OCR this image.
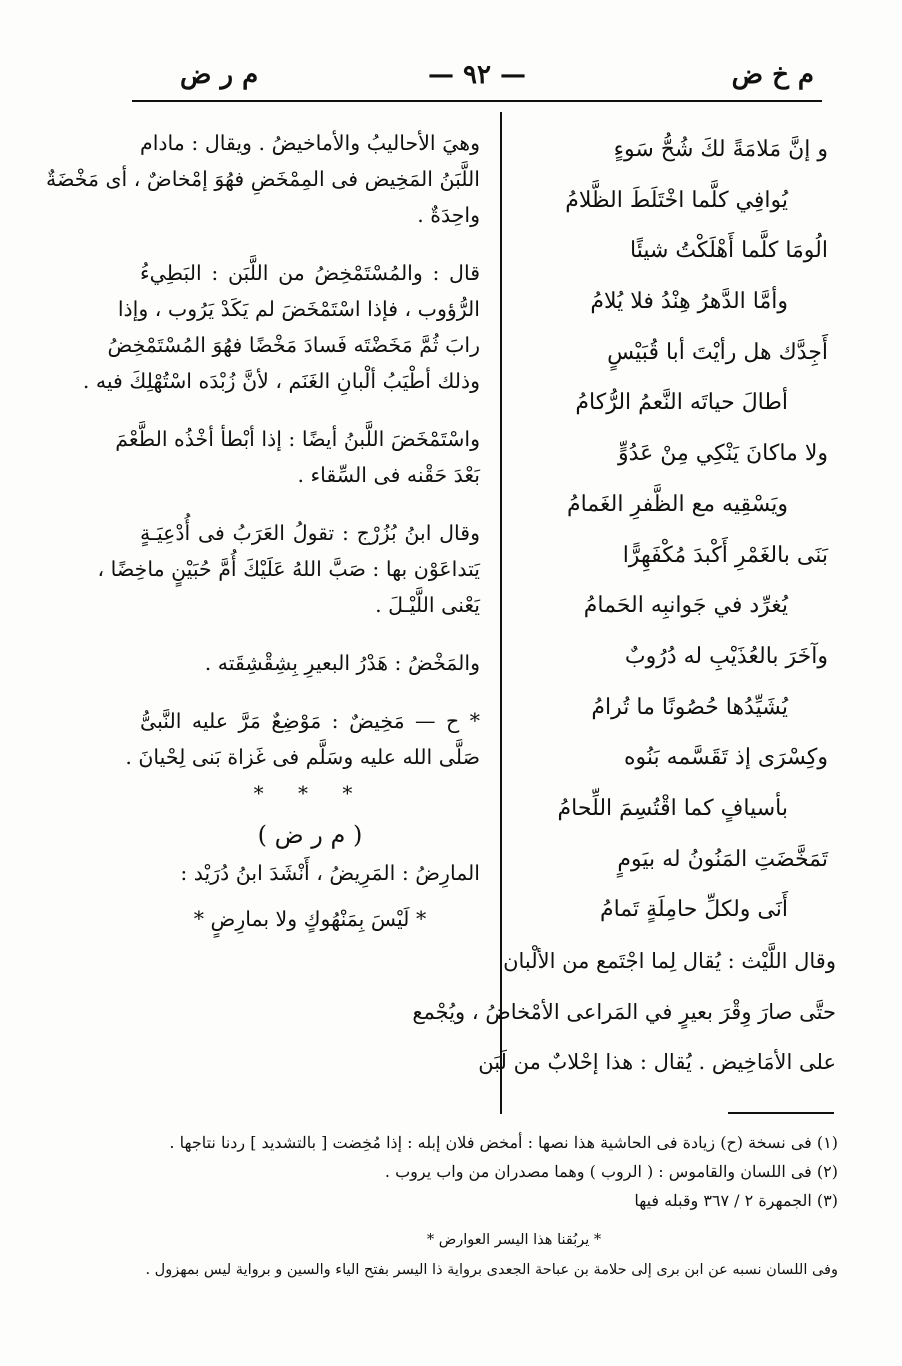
م خ ض
— ٩٢ —
م ر ض
و إنَّ مَلامَةً لكَ شُحُّ سَوءٍ
يُوافِي كلَّما اخْتَلَطَ الظَّلامُ
الُومَا كلَّما أَهْلَكْتُ شيئًا
وأمَّا الدَّهرُ هِنْدُ فلا يُلامُ
أَجِدَّك هل رأيْتَ أبا قُبَيْسٍ
أطالَ حياتَه النَّعمُ الرُّكامُ
ولا ماكانَ يَنْكِي مِنْ عَدُوٍّ
ويَسْقِيه مع الظَّفرِ الغَمامُ
بَنَى بالغَمْرِ أَكْبدَ مُكْفَهِرًّا
يُغرِّد في جَوانبِه الحَمامُ
وآخَرَ بالعُذَيْبِ له دُرُوبٌ
يُشَيِّدُها حُصُونًا ما تُرامُ
وكِسْرَى إذ تَقَسَّمه بَنُوه
بأسيافٍ كما اقْتُسِمَ اللِّحامُ
تَمَخَّضَتِ المَنُونُ له بيَومٍ
أَنَى ولكلِّ حامِلَةٍ تَمامُ
وقال اللَّيْث : يُقال لِما اجْتَمع من الألْبان
حتَّى صارَ وِقْرَ بعيرٍ في المَراعى الأمْخاضُ ، ويُجْمع
على الأمَاخِيض . يُقال : هذا إحْلابٌ من لَبَن
وهيَ الأحاليبُ والأماخيضُ . ويقال : مادام
اللَّبَنُ المَخِيض فى المِمْخَضِ فهُوَ إمْخاضٌ ، أى مَخْضَةٌ
واحِدَةٌ .
قال : والمُسْتَمْخِضُ من اللَّبَن : البَطِيءُ
الرُّؤوب ، فإذا اسْتَمْخَضَ لم يَكَدْ يَرُوب ، وإذا
رابَ ثُمَّ مَخَضْتَه فَسادَ مَخْضًا فهُوَ المُسْتَمْخِضُ
وذلك أطْيَبُ ألْبانِ الغَنَم ، لأنَّ زُبْدَه اسْتُهْلِكَ فيه .
واسْتَمْخَضَ اللَّبنُ أيضًا : إذا أبْطأ أخْذُه الطَّعْمَ
بَعْدَ حَقْنه فى السِّقاء .
وقال ابنُ بُزُرْج : تقولُ العَرَبُ فى أُدْعِيَـةٍ
يَتداعَوْن بها : صَبَّ اللهُ عَلَيْكَ أُمَّ حُبَيْنٍ ماخِضًا ،
يَعْنى اللَّيْـلَ .
والمَخْضُ : هَدْرُ البعيرِ بِشِقْشِقَته .
* ح — مَخِيضٌ : مَوْضِعٌ مَرَّ عليه النَّبىُّ
صَلَّى الله عليه وسَلَّم فى غَزاة بَنى لِحْيانَ .
* * *
( م ر ض )
المارِضُ : المَرِيضُ ، أَنْشَدَ ابنُ دُرَيْد :
* لَيْسَ بِمَنْهُوكٍ ولا بمارِضٍ *
(١) فى نسخة (ح) زيادة فى الحاشية هذا نصها : أمخض فلان إبله : إذا مُخِضت [ بالتشديد ] ردنا نتاجها .
(٢) فى اللسان والقاموس : ( الروب ) وهما مصدران من واب يروب .
(٣) الجمهرة ٢ / ٣٦٧ وقبله فيها
* يربُقنا هذا اليسر العوارض *
وفى اللسان نسبه عن ابن برى إلى حلامة بن عباحة الجعدى برواية ذا اليسر بفتح الياء والسين و برواية ليس بمهزول .
